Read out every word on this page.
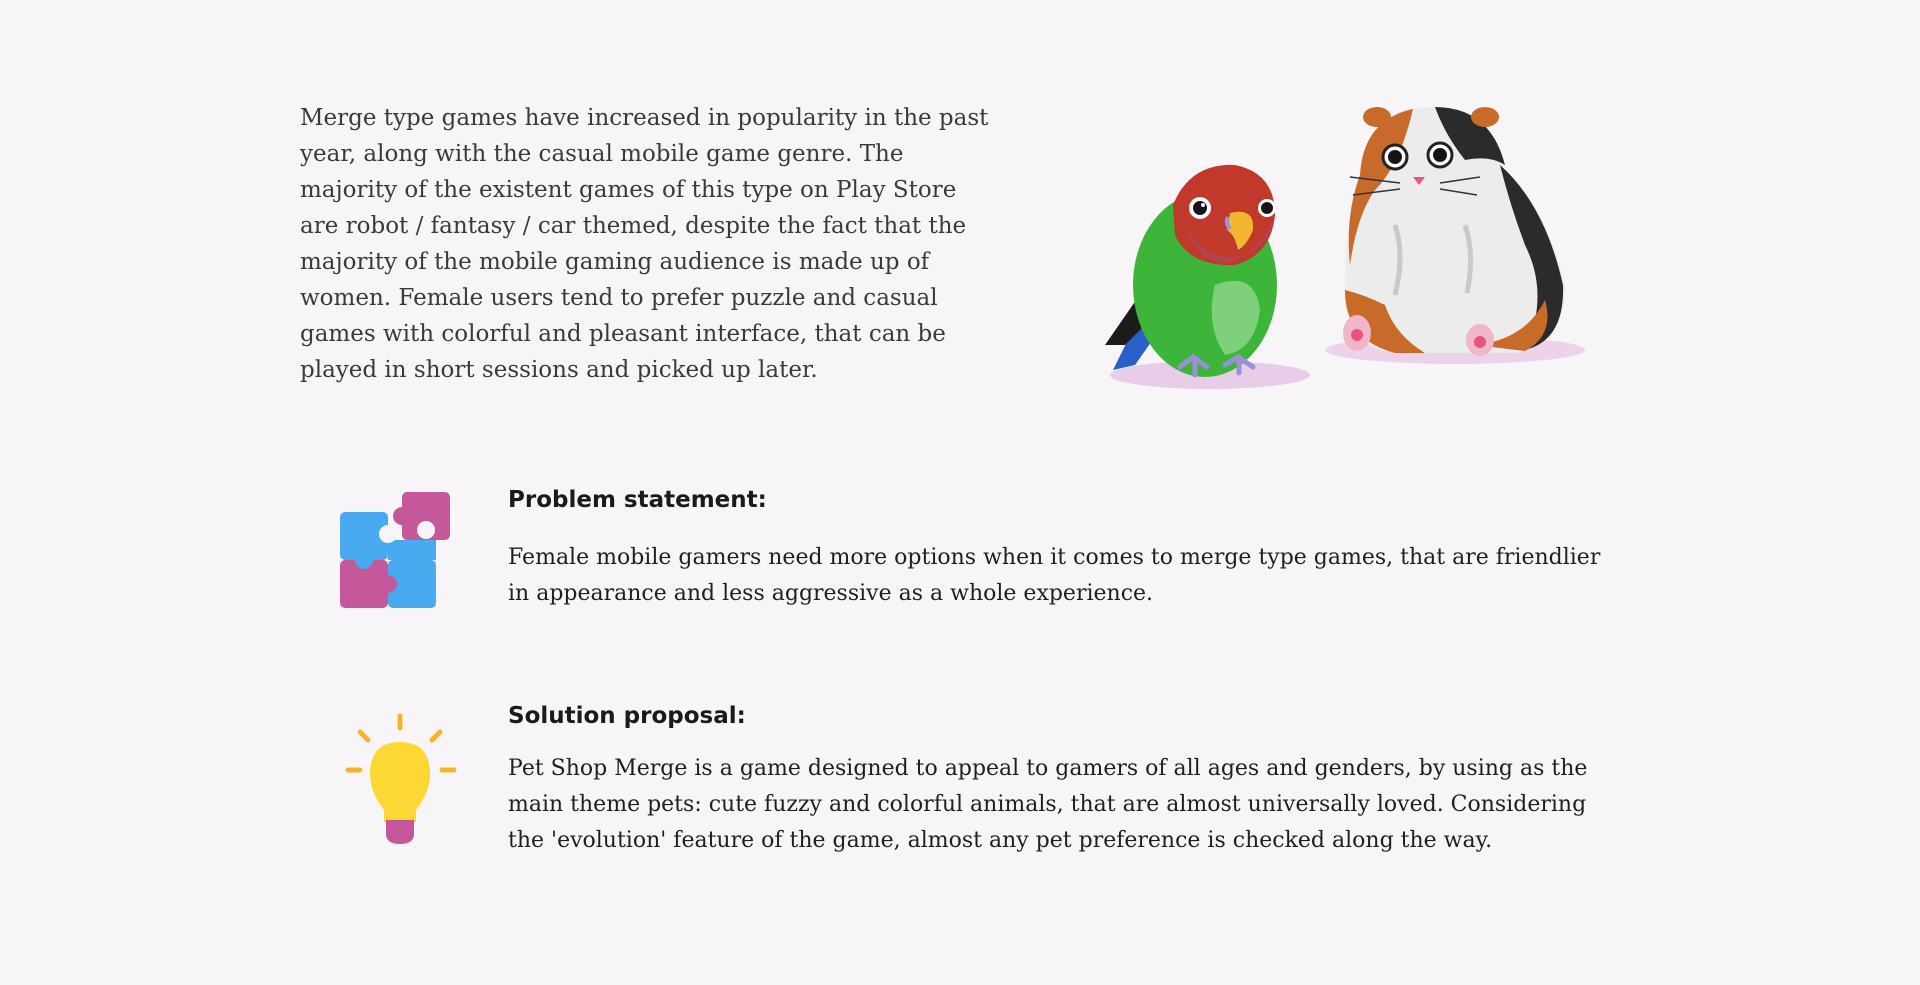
Merge type games have increased in popularity in the past year, along with the casual mobile game genre. The majority of the existent games of this type on Play Store are robot / fantasy / car themed, despite the fact that the majority of the mobile gaming audience is made up of women. Female users tend to prefer puzzle and casual games with colorful and pleasant interface, that can be played in short sessions and picked up later.

Problem statement:

Female mobile gamers need more options when it comes to merge type games, that are friendlier in appearance and less aggressive as a whole experience.

Solution proposal:

Pet Shop Merge is a game designed to appeal to gamers of all ages and genders, by using as the main theme pets: cute fuzzy and colorful animals, that are almost universally loved. Considering the 'evolution' feature of the game, almost any pet preference is checked along the way.
